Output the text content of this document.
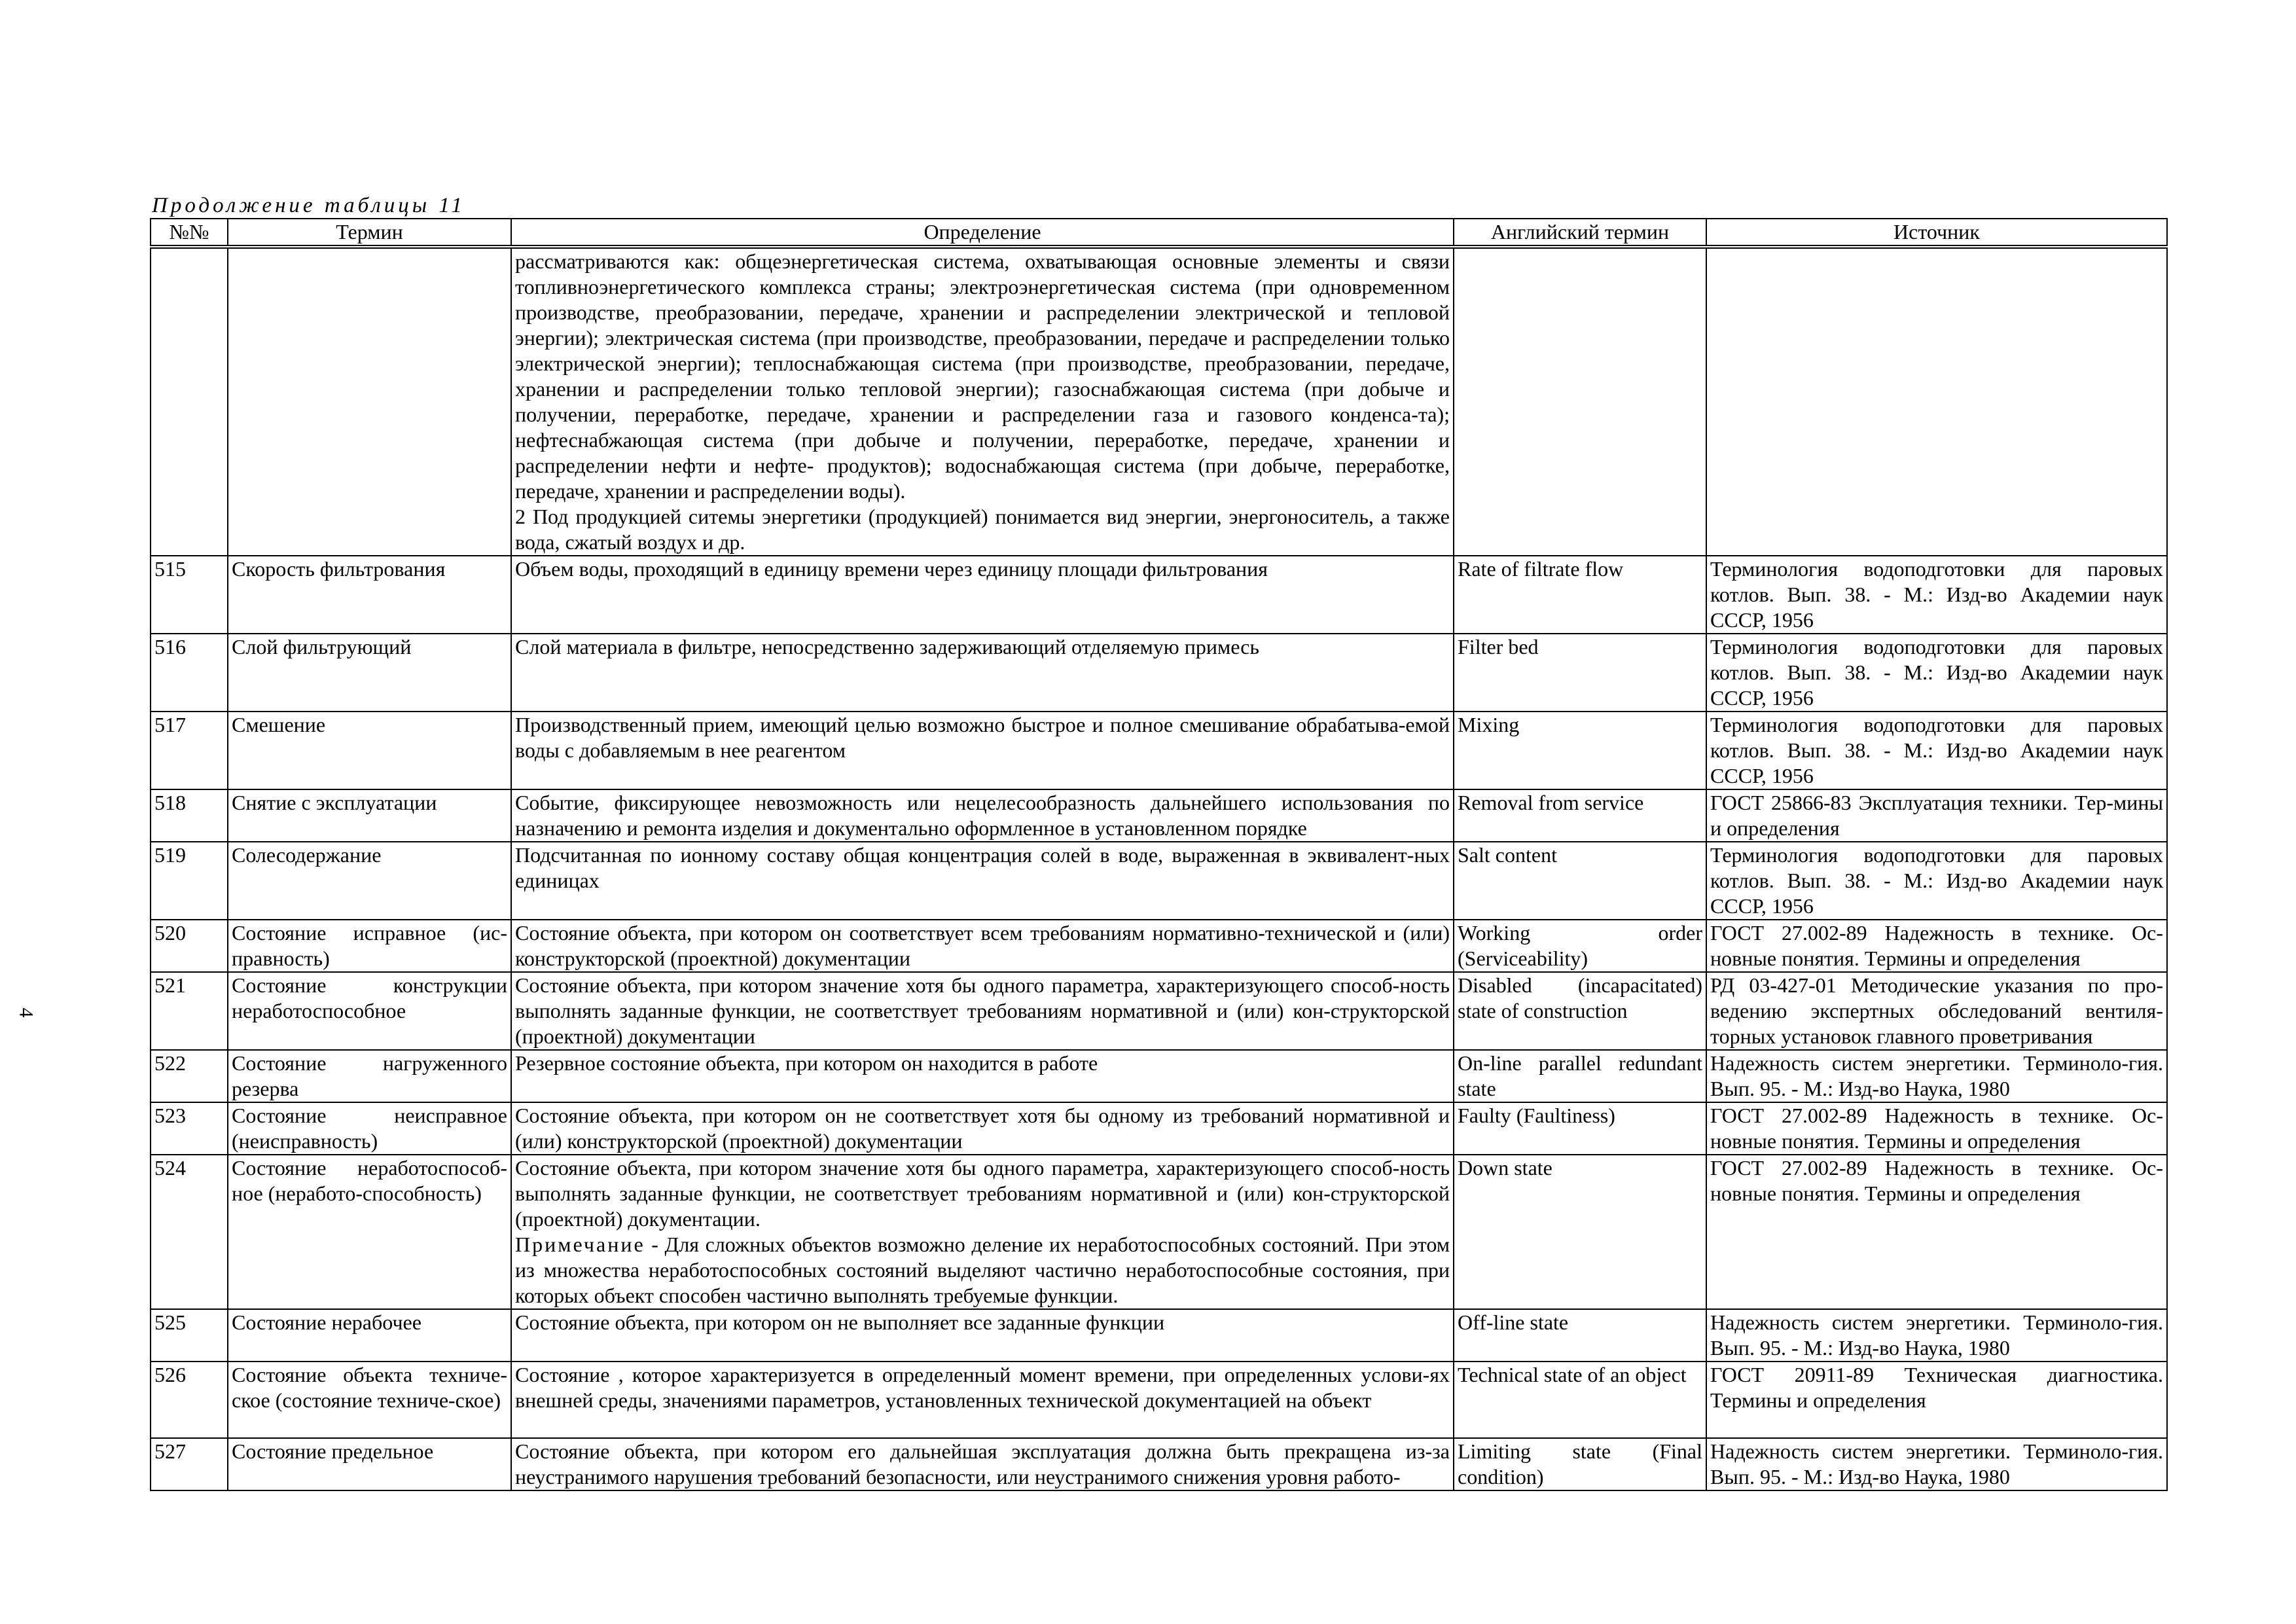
Продолжение таблицы 11
4
№№	Термин	Определение	Английский термин	Источник

		рассматриваются как: общеэнергетическая система, охватывающая основные элементы и связи топливноэнергетического комплекса страны; электроэнергетическая система (при одновременном производстве, преобразовании, передаче, хранении и распределении электрической и тепловой энергии); электрическая система (при производстве, преобразовании, передаче и распределении только электрической энергии); теплоснабжающая система (при производстве, преобразовании, передаче, хранении и распределении только тепловой энергии); газоснабжающая система (при добыче и получении, переработке, передаче, хранении и распределении газа и газового конденса-та); нефтеснабжающая система (при добыче и получении, переработке, передаче, хранении и распределении нефти и нефте- продуктов); водоснабжающая система (при добыче, переработке, передаче, хранении и распределении воды).

2 Под продукцией ситемы энергетики (продукцией) понимается вид энергии, энергоноситель, а также вода, сжатый воздух и др.		

515	Скорость фильтрования	Объем воды, проходящий в единицу времени через единицу площади фильтрования	Rate of filtrate flow	Терминология водоподготовки для паровых котлов. Вып. 38. - М.: Изд-во Академии наук СССР, 1956
516	Слой фильтрующий	Слой материала в фильтре, непосредственно задерживающий отделяемую примесь	Filter bed	Терминология водоподготовки для паровых котлов. Вып. 38. - М.: Изд-во Академии наук СССР, 1956
517	Смешение	Производственный прием, имеющий целью возможно быстрое и полное смешивание обрабатыва-емой воды с добавляемым в нее реагентом	Mixing	Терминология водоподготовки для паровых котлов. Вып. 38. - М.: Изд-во Академии наук СССР, 1956
518	Снятие с эксплуатации	Событие, фиксирующее невозможность или нецелесообразность дальнейшего использования по назначению и ремонта изделия и документально оформленное в установленном порядке	Removal from service	ГОСТ 25866-83 Эксплуатация техники. Тер-мины и определения
519	Солесодержание	Подсчитанная по ионному составу общая концентрация солей в воде, выраженная в эквивалент-ных единицах	Salt content	Терминология водоподготовки для паровых котлов. Вып. 38. - М.: Изд-во Академии наук СССР, 1956
520	Состояние исправное (ис-правность)	Состояние объекта, при котором он соответствует всем требованиям нормативно-технической и (или) конструкторской (проектной) документации	Working order (Serviceability)	ГОСТ 27.002-89 Надежность в технике. Ос-новные понятия. Термины и определения
521	Состояние конструкции неработоспособное	Состояние объекта, при котором значение хотя бы одного параметра, характеризующего способ-ность выполнять заданные функции, не соответствует требованиям нормативной и (или) кон-структорской (проектной) документации	Disabled (incapacitated) state of construction	РД 03-427-01 Методические указания по про-ведению экспертных обследований вентиля-торных установок главного проветривания
522	Состояние нагруженного резерва	Резервное состояние объекта, при котором он находится в работе	On-line parallel redundant state	Надежность систем энергетики. Терминоло-гия. Вып. 95. - М.: Изд-во Наука, 1980
523	Состояние неисправное (неисправность)	Состояние объекта, при котором он не соответствует хотя бы одному из требований нормативной и (или) конструкторской (проектной) документации	Faulty (Faultiness)	ГОСТ 27.002-89 Надежность в технике. Ос-новные понятия. Термины и определения
524	Состояние неработоспособ-ное (неработо-способность)	Состояние объекта, при котором значение хотя бы одного параметра, характеризующего способ-ность выполнять заданные функции, не соответствует требованиям нормативной и (или) кон-структорской (проектной) документации.

Примечание - Для сложных объектов возможно деление их неработоспособных состояний. При этом из множества неработоспособных состояний выделяют частично неработоспособные состояния, при которых объект способен частично выполнять требуемые функции.	Down state	ГОСТ 27.002-89 Надежность в технике. Ос-новные понятия. Термины и определения
525	Состояние нерабочее	Состояние объекта, при котором он не выполняет все заданные функции	Off-line state	Надежность систем энергетики. Терминоло-гия. Вып. 95. - М.: Изд-во Наука, 1980
526	Состояние объекта техниче-ское (состояние техниче-ское)	Состояние , которое характеризуется в определенный момент времени, при определенных услови-ях внешней среды, значениями параметров, установленных технической документацией на объект	Technical state of an object	ГОСТ 20911-89 Техническая диагностика. Термины и определения
527	Состояние предельное	Состояние объекта, при котором его дальнейшая эксплуатация должна быть прекращена из-за неустранимого нарушения требований безопасности, или неустранимого снижения уровня работо-	Limiting state (Final condition)	Надежность систем энергетики. Терминоло-гия. Вып. 95. - М.: Изд-во Наука, 1980
